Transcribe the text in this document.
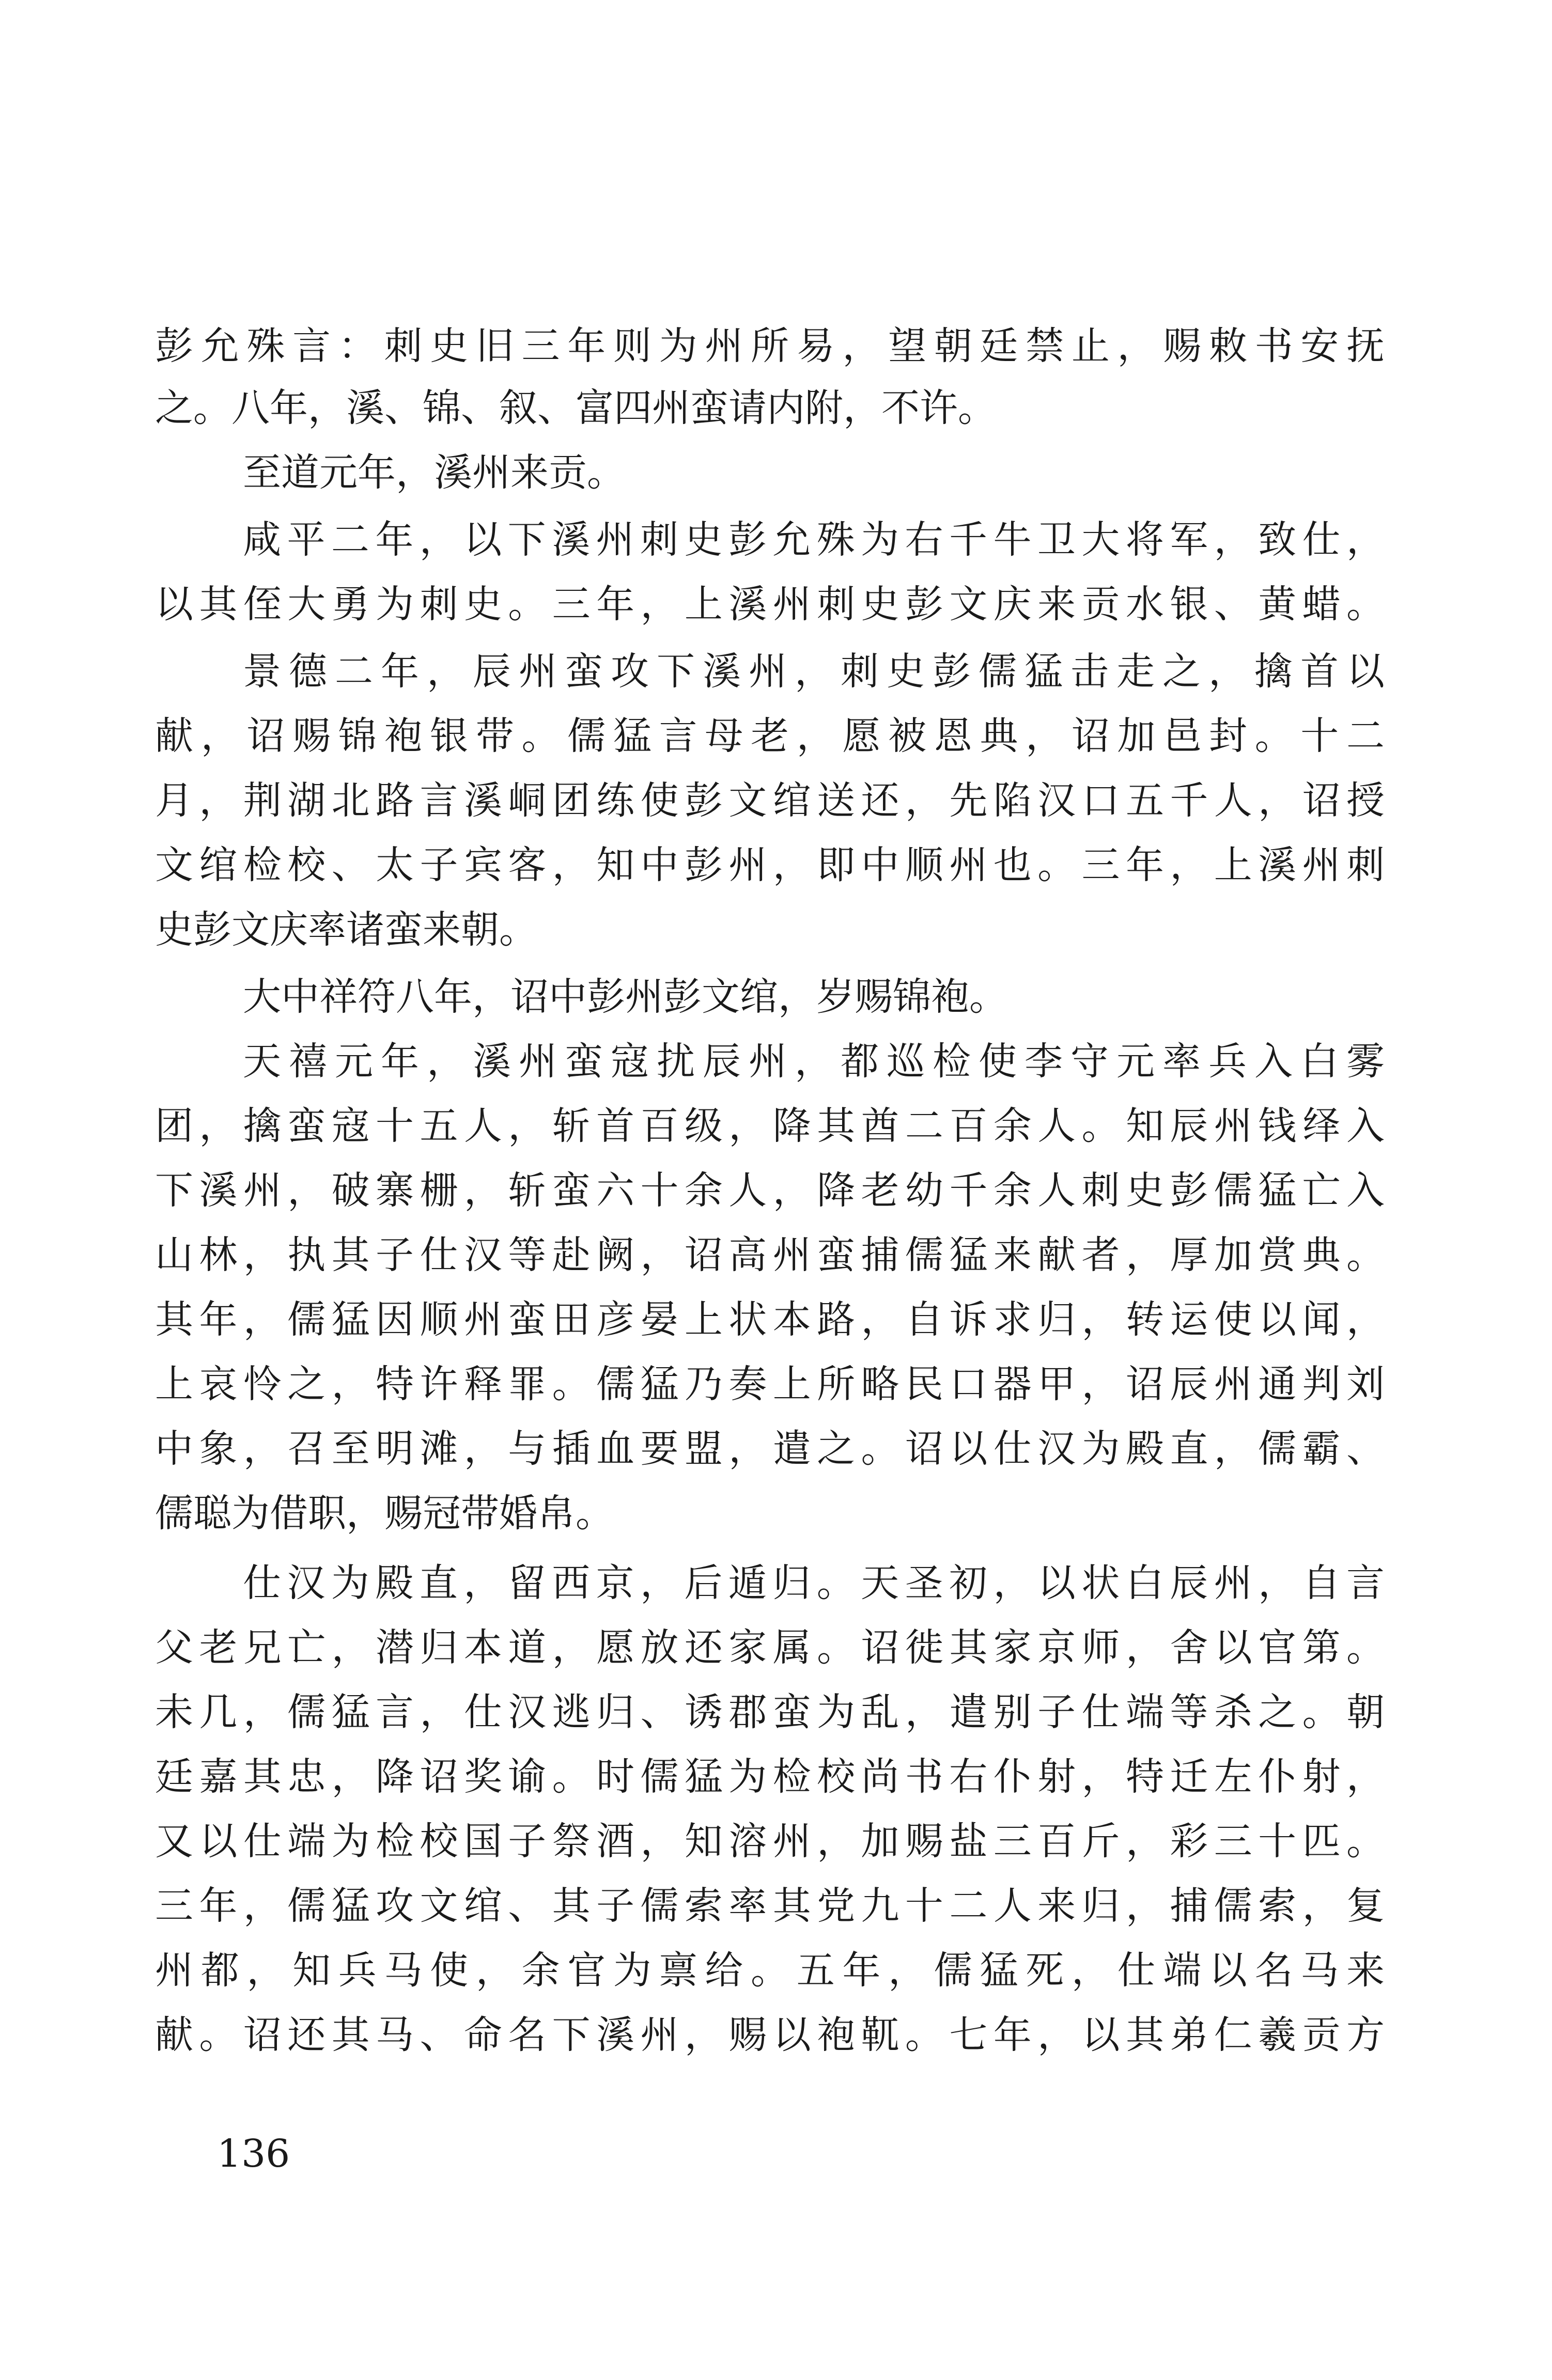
彭允殊言：刺史旧三年则为州所易，望朝廷禁止，赐敕书安抚
之。八年，溪、锦、叙、富四州蛮请内附，不许。
至道元年，溪州来贡。
咸平二年，以下溪州刺史彭允殊为右千牛卫大将军，致仕，
以其侄大勇为刺史。三年，上溪州刺史彭文庆来贡水银、黄蜡。
景德二年，辰州蛮攻下溪州，刺史彭儒猛击走之，擒首以
献，诏赐锦袍银带。儒猛言母老，愿被恩典，诏加邑封。十二
月，荆湖北路言溪峒团练使彭文绾送还，先陷汉口五千人，诏授
文绾检校、太子宾客，知中彭州，即中顺州也。三年，上溪州刺
史彭文庆率诸蛮来朝。
大中祥符八年，诏中彭州彭文绾，岁赐锦袍。
天禧元年，溪州蛮寇扰辰州，都巡检使李守元率兵入白雾
团，擒蛮寇十五人，斩首百级，降其酋二百余人。知辰州钱绎入
下溪州，破寨栅，斩蛮六十余人，降老幼千余人刺史彭儒猛亡入
山林，执其子仕汉等赴阙，诏高州蛮捕儒猛来献者，厚加赏典。
其年，儒猛因顺州蛮田彦晏上状本路，自诉求归，转运使以闻，
上哀怜之，特许释罪。儒猛乃奏上所略民口器甲，诏辰州通判刘
中象，召至明滩，与插血要盟，遣之。诏以仕汉为殿直，儒霸、
儒聪为借职，赐冠带婚帛。
仕汉为殿直，留西京，后遁归。天圣初，以状白辰州，自言
父老兄亡，潜归本道，愿放还家属。诏徙其家京师，舍以官第。
未几，儒猛言，仕汉逃归、诱郡蛮为乱，遣别子仕端等杀之。朝
廷嘉其忠，降诏奖谕。时儒猛为检校尚书右仆射，特迁左仆射，
又以仕端为检校国子祭酒，知溶州，加赐盐三百斤，彩三十匹。
三年，儒猛攻文绾、其子儒索率其党九十二人来归，捕儒索，复
州都，知兵马使，余官为禀给。五年，儒猛死，仕端以名马来
献。诏还其马、命名下溪州，赐以袍靰。七年，以其弟仁羲贡方
136
